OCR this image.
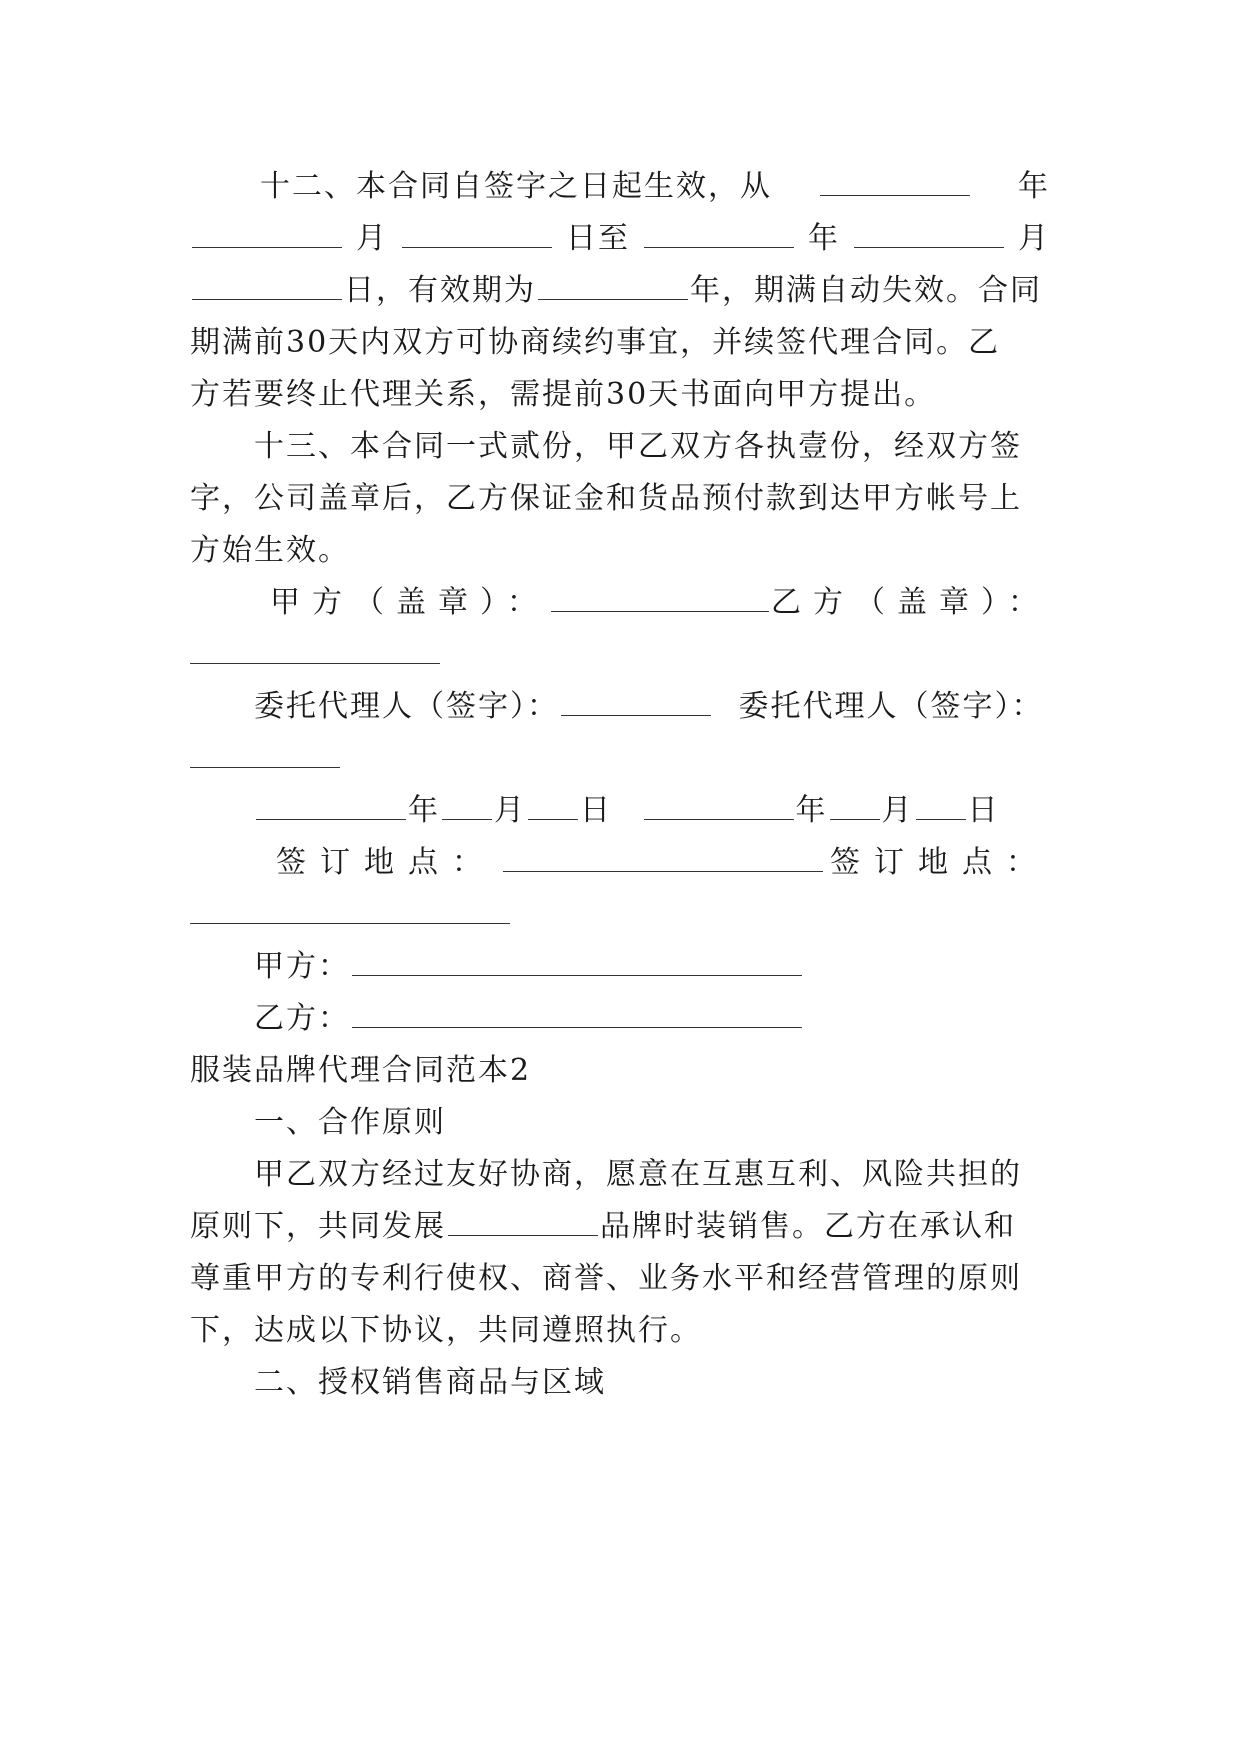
十二、本合同自签字之日起生效，从	年
月	日至	年	月
日，有效期为	年，期满自动失效。合同
期满前30天内双方可协商续约事宜，并续签代理合同。乙
方若要终止代理关系，需提前30天书面向甲方提出。
十三、本合同一式贰份，甲乙双方各执壹份，经双方签
字，公司盖章后，乙方保证金和货品预付款到达甲方帐号上
方始生效。
甲方（盖章）：	乙方（盖章）：
委托代理人（签字）：	委托代理人（签字）：
年 月 日	年 月 日
签订地点：	签订地点：
甲方：
乙方：
服装品牌代理合同范本2
一、合作原则
甲乙双方经过友好协商，愿意在互惠互利、风险共担的
原则下，共同发展	品牌时装销售。乙方在承认和
尊重甲方的专利行使权、商誉、业务水平和经营管理的原则
下，达成以下协议，共同遵照执行。
二、授权销售商品与区域
